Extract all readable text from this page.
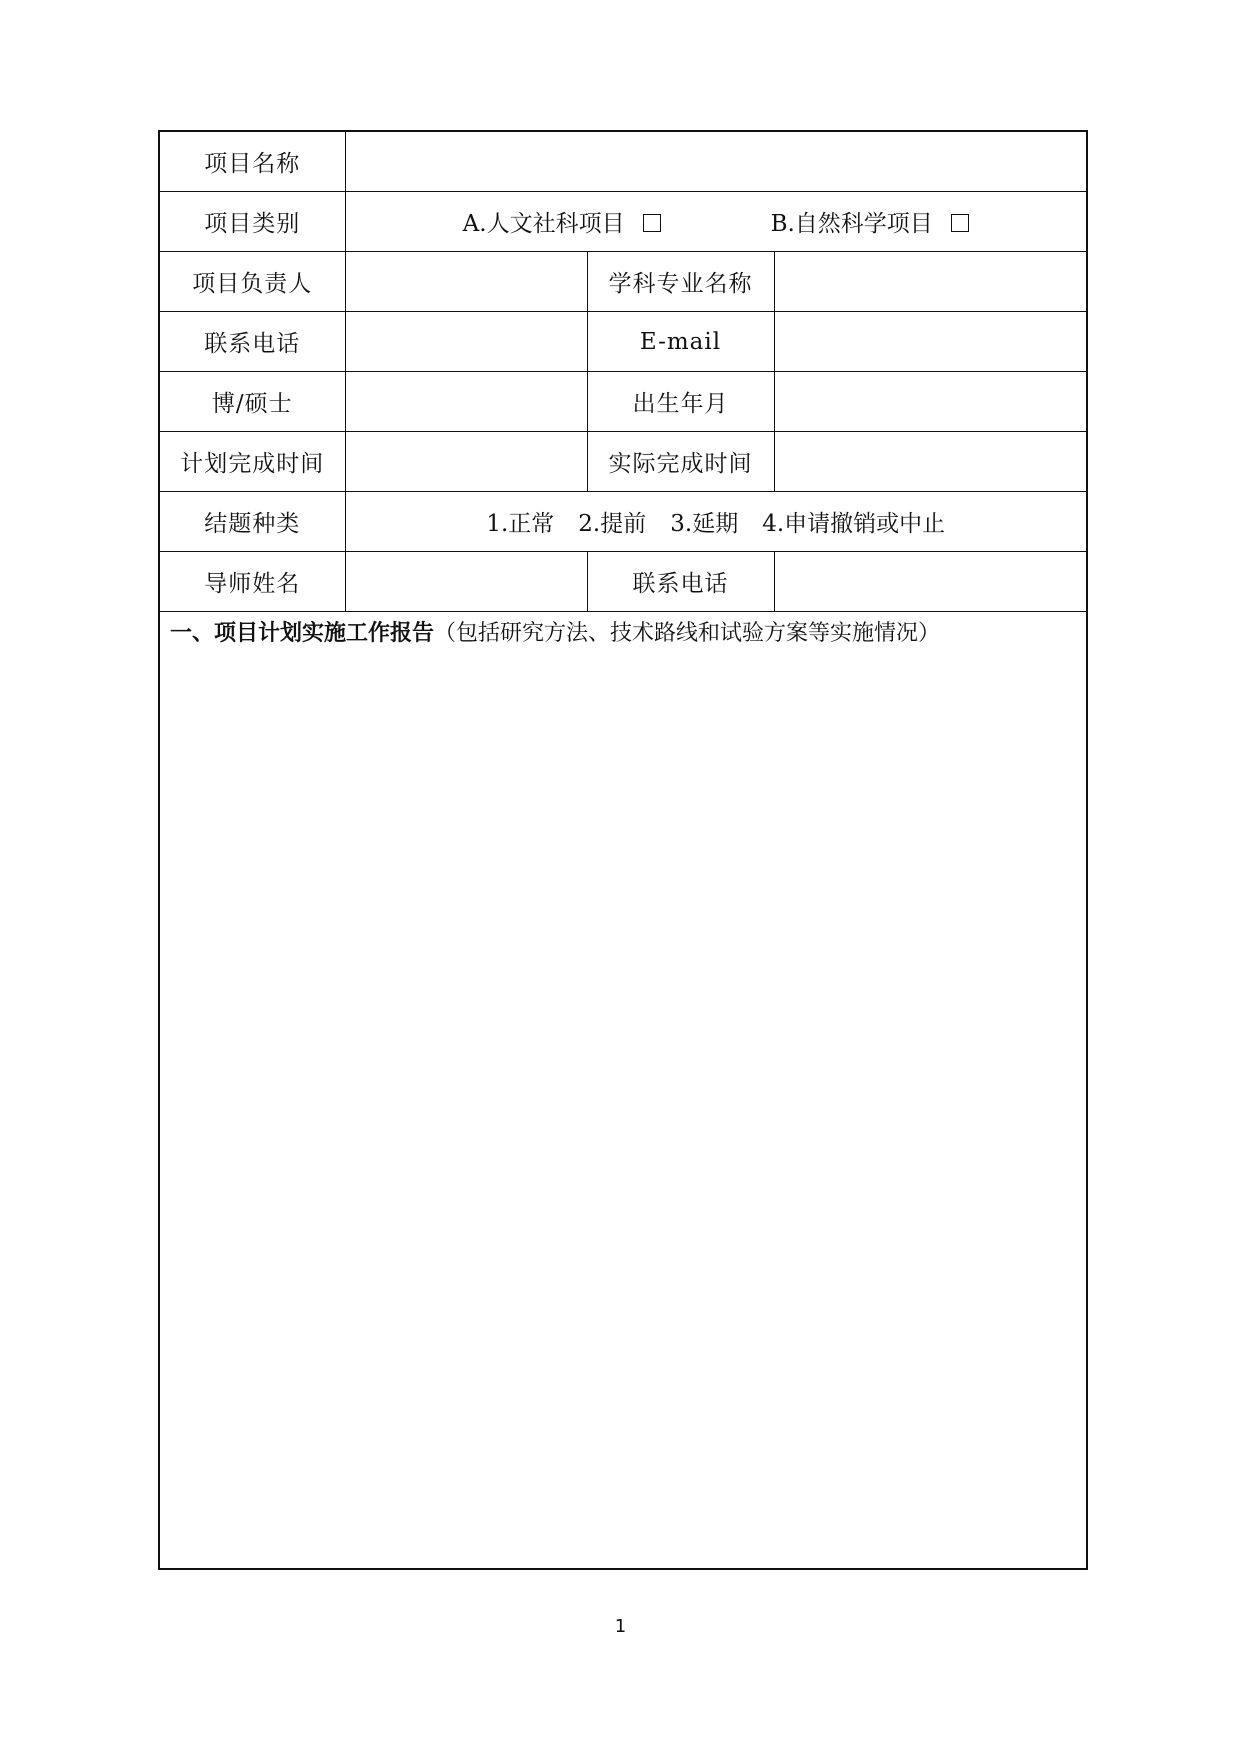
项目名称			
项目类别	A.人文社科项目 B.自然科学项目		
项目负责人		学科专业名称	
联系电话		E-mail	
博/硕士		出生年月	
计划完成时间		实际完成时间	
结题种类	1.正常 2.提前 3.延期 4.申请撤销或中止		
导师姓名		联系电话	
一、项目计划实施工作报告（包括研究方法、技术路线和试验方案等实施情况）			
1
